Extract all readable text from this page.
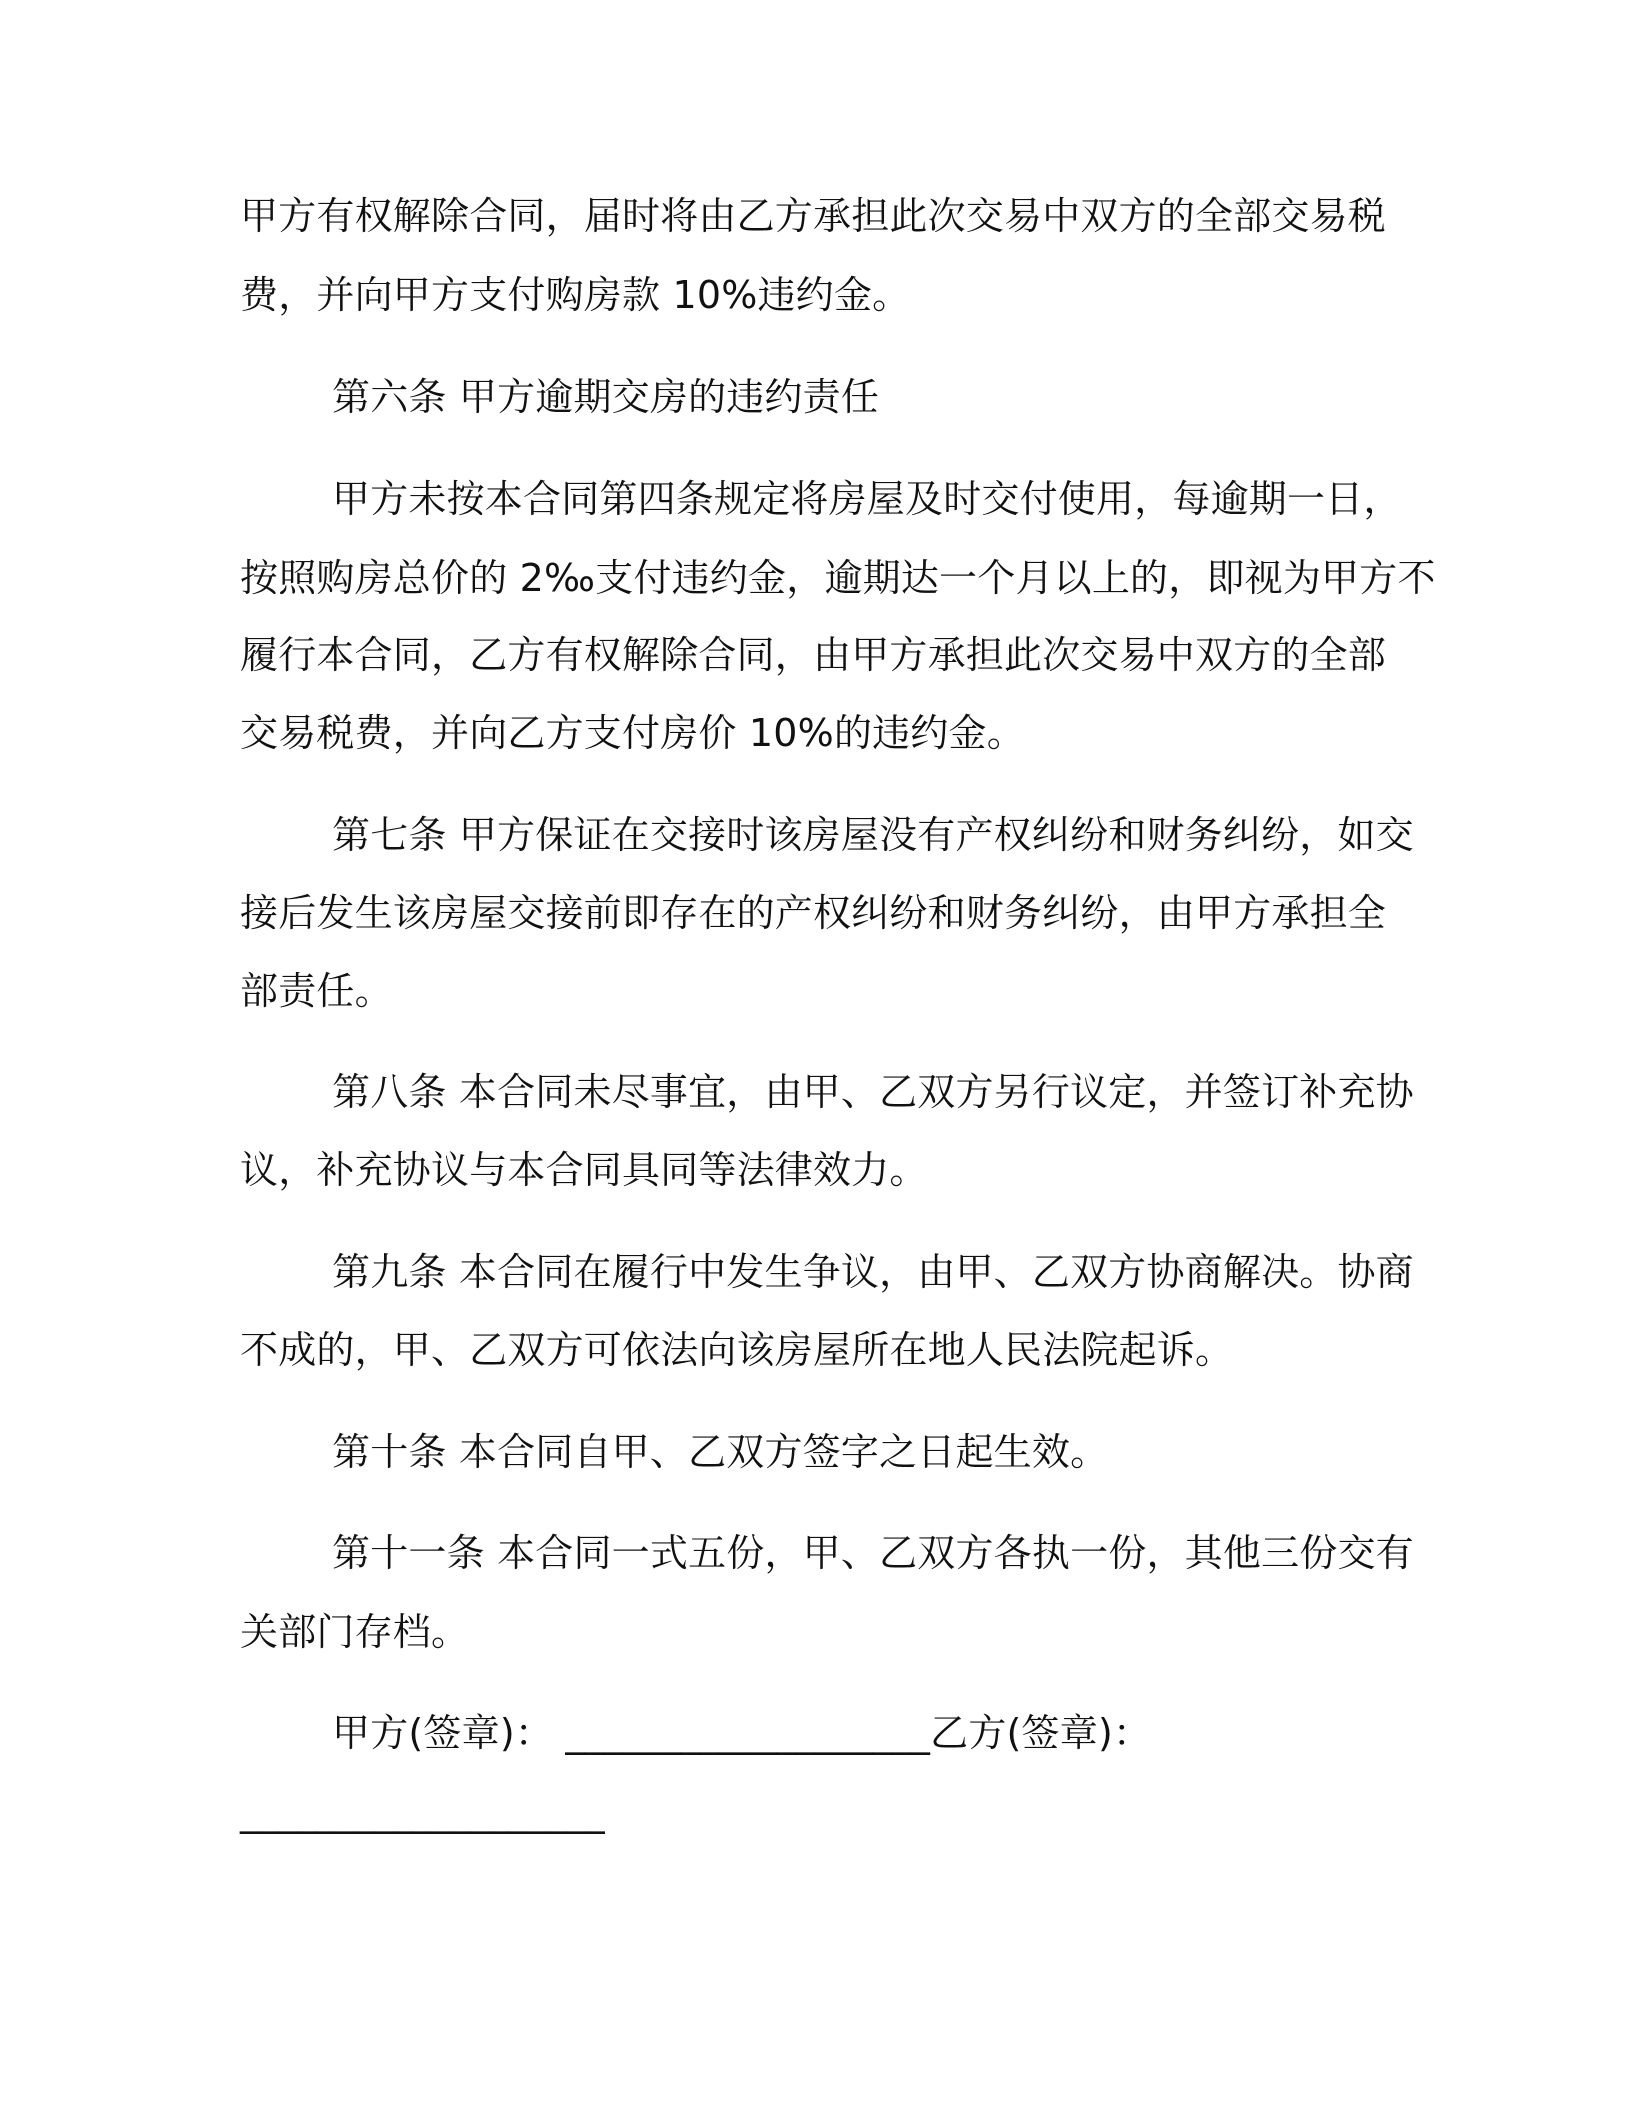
甲方有权解除合同，届时将由乙方承担此次交易中双方的全部交易税

费，并向甲方支付购房款 10%违约金。

第六条 甲方逾期交房的违约责任

甲方未按本合同第四条规定将房屋及时交付使用，每逾期一日，

按照购房总价的 2‰支付违约金，逾期达一个月以上的，即视为甲方不

履行本合同，乙方有权解除合同，由甲方承担此次交易中双方的全部

交易税费，并向乙方支付房价 10%的违约金。

第七条 甲方保证在交接时该房屋没有产权纠纷和财务纠纷，如交

接后发生该房屋交接前即存在的产权纠纷和财务纠纷，由甲方承担全

部责任。

第八条 本合同未尽事宜，由甲、乙双方另行议定，并签订补充协

议，补充协议与本合同具同等法律效力。

第九条 本合同在履行中发生争议，由甲、乙双方协商解决。协商

不成的，甲、乙双方可依法向该房屋所在地人民法院起诉。

第十条 本合同自甲、乙双方签字之日起生效。

第十一条 本合同一式五份，甲、乙双方各执一份，其他三份交有

关部门存档。

甲方(签章)： ___________________乙方(签章)：

___________________
